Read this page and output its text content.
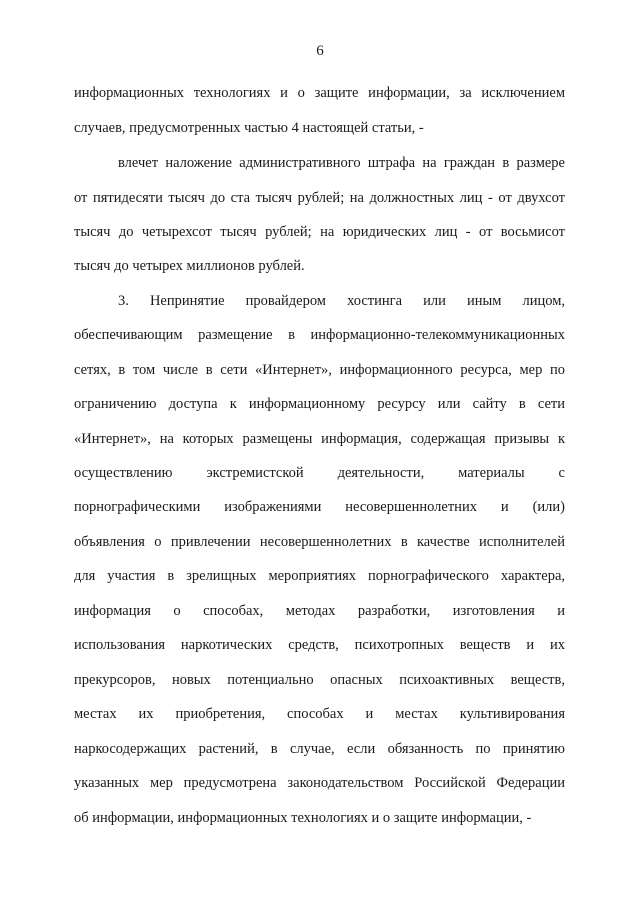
6
информационных технологиях и о защите информации, за исключением
случаев, предусмотренных частью 4 настоящей статьи, -
влечет наложение административного штрафа на граждан в размере
от пятидесяти тысяч до ста тысяч рублей; на должностных лиц - от двухсот
тысяч до четырехсот тысяч рублей; на юридических лиц - от восьмисот
тысяч до четырех миллионов рублей.
3. Непринятие провайдером хостинга или иным лицом,
обеспечивающим размещение в информационно-телекоммуникационных
сетях, в том числе в сети «Интернет», информационного ресурса, мер по
ограничению доступа к информационному ресурсу или сайту в сети
«Интернет», на которых размещены информация, содержащая призывы к
осуществлению экстремистской деятельности, материалы с
порнографическими изображениями несовершеннолетних и (или)
объявления о привлечении несовершеннолетних в качестве исполнителей
для участия в зрелищных мероприятиях порнографического характера,
информация о способах, методах разработки, изготовления и
использования наркотических средств, психотропных веществ и их
прекурсоров, новых потенциально опасных психоактивных веществ,
местах их приобретения, способах и местах культивирования
наркосодержащих растений, в случае, если обязанность по принятию
указанных мер предусмотрена законодательством Российской Федерации
об информации, информационных технологиях и о защите информации, -
